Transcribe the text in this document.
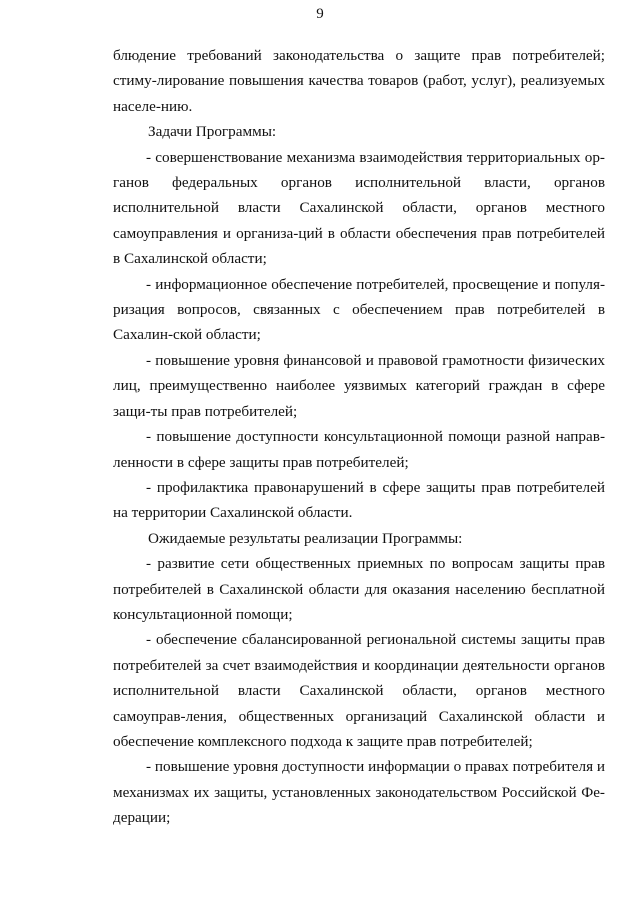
9

блюдение требований законодательства о защите прав потребителей; стиму-лирование повышения качества товаров (работ, услуг), реализуемых населе-нию.

Задачи Программы:

- совершенствование механизма взаимодействия территориальных ор-ганов федеральных органов исполнительной власти, органов исполнительной власти Сахалинской области, органов местного самоуправления и организа-ций в области обеспечения прав потребителей в Сахалинской области;

- информационное обеспечение потребителей, просвещение и популя-ризация вопросов, связанных с обеспечением прав потребителей в Сахалин-ской области;

- повышение уровня финансовой и правовой грамотности физических лиц, преимущественно наиболее уязвимых категорий граждан в сфере защи-ты прав потребителей;

- повышение доступности консультационной помощи разной направ-ленности в сфере защиты прав потребителей;

- профилактика правонарушений в сфере защиты прав потребителей на территории Сахалинской области.

Ожидаемые результаты реализации Программы:

- развитие сети общественных приемных по вопросам защиты прав потребителей в Сахалинской области для оказания населению бесплатной консультационной помощи;

- обеспечение сбалансированной региональной системы защиты прав потребителей за счет взаимодействия и координации деятельности органов исполнительной власти Сахалинской области, органов местного самоуправ-ления, общественных организаций Сахалинской области и обеспечение комплексного подхода к защите прав потребителей;

- повышение уровня доступности информации о правах потребителя и механизмах их защиты, установленных законодательством Российской Фе-дерации;
